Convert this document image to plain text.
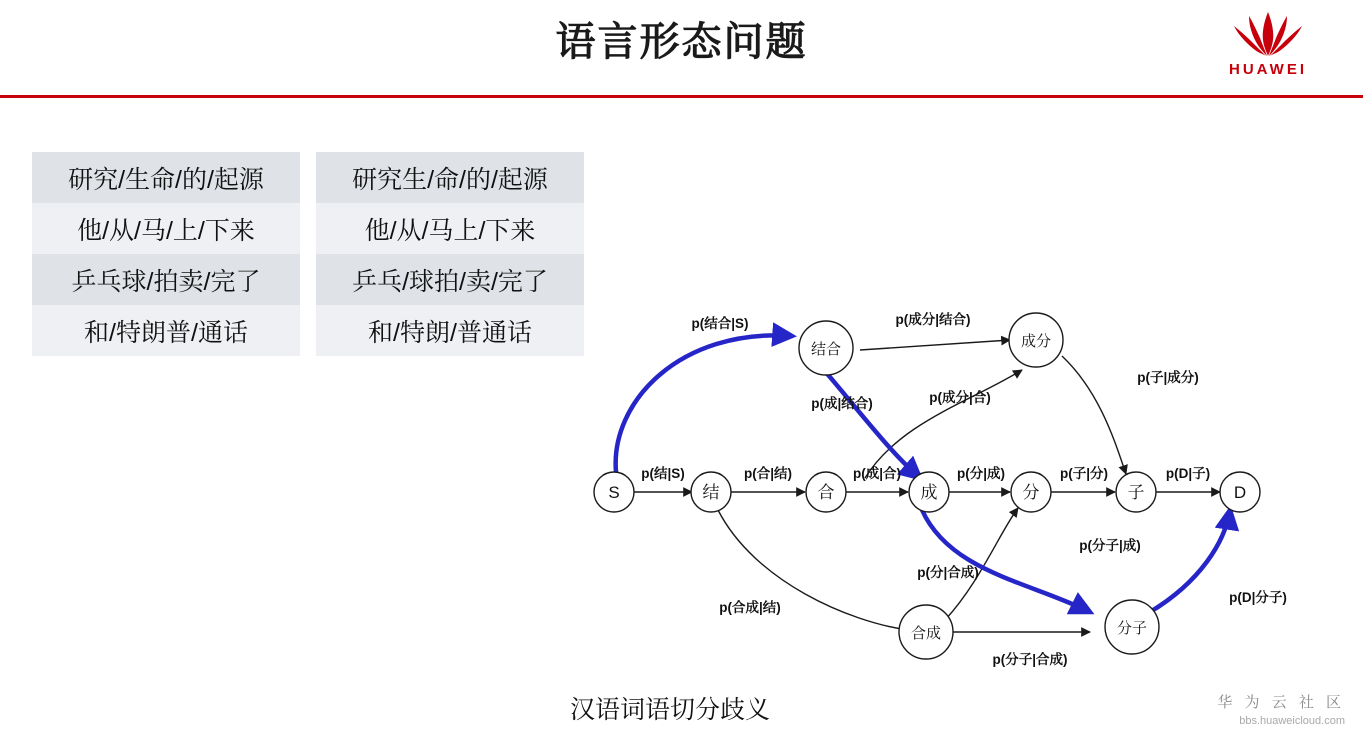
语言形态问题
HUAWEI
研究/生命/的/起源	研究生/命/的/起源
他/从/马/上/下来	他/从/马上/下来
乒乓球/拍卖/完了	乒乓/球拍/卖/完了
和/特朗普/通话	和/特朗/普通话
S	结	合	成	分	子	D
结合	成分
合成	分子
p(结|S)	p(合|结)	p(成|合)	p(分|成)	p(子|分)	p(D|子)
p(结合|S)	p(成分|结合)
p(成|结合)	p(成分|合)
p(子|成分)
p(合成|结)
p(分|合成)
p(分子|合成)
p(分子|成)
p(D|分子)
汉语词语切分歧义	华 为 云 社 区
bbs.huaweicloud.com
